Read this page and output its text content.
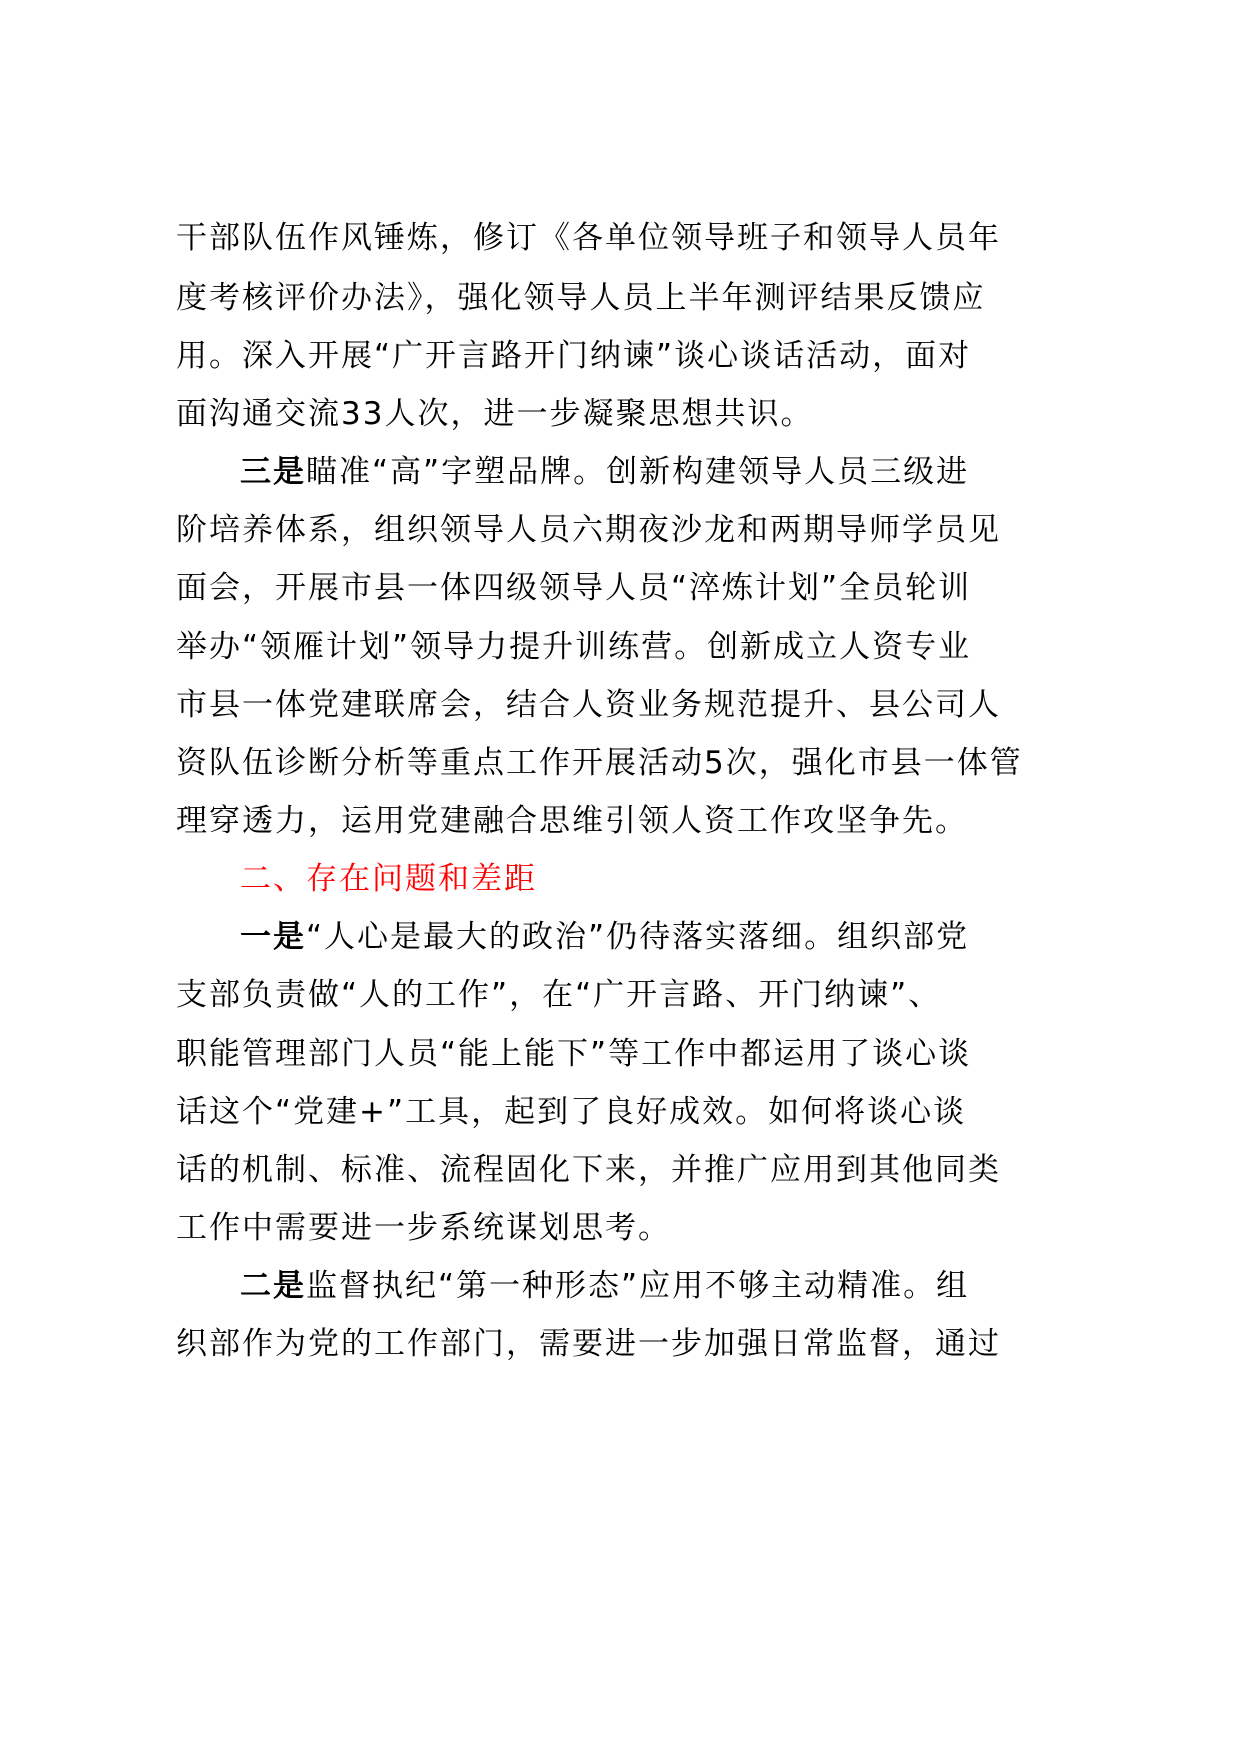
干部队伍作风锤炼，修订《各单位领导班子和领导人员年
度考核评价办法》，强化领导人员上半年测评结果反馈应
用。深入开展“广开言路开门纳谏”谈心谈话活动，面对
面沟通交流33人次，进一步凝聚思想共识。
三是瞄准“高”字塑品牌。创新构建领导人员三级进
阶培养体系，组织领导人员六期夜沙龙和两期导师学员见
面会，开展市县一体四级领导人员“淬炼计划”全员轮训
举办“领雁计划”领导力提升训练营。创新成立人资专业
市县一体党建联席会，结合人资业务规范提升、县公司人
资队伍诊断分析等重点工作开展活动5次，强化市县一体管
理穿透力，运用党建融合思维引领人资工作攻坚争先。
二、存在问题和差距
一是“人心是最大的政治”仍待落实落细。组织部党
支部负责做“人的工作”，在“广开言路、开门纳谏”、
职能管理部门人员“能上能下”等工作中都运用了谈心谈
话这个“党建+”工具，起到了良好成效。如何将谈心谈
话的机制、标准、流程固化下来，并推广应用到其他同类
工作中需要进一步系统谋划思考。
二是监督执纪“第一种形态”应用不够主动精准。组
织部作为党的工作部门，需要进一步加强日常监督，通过
